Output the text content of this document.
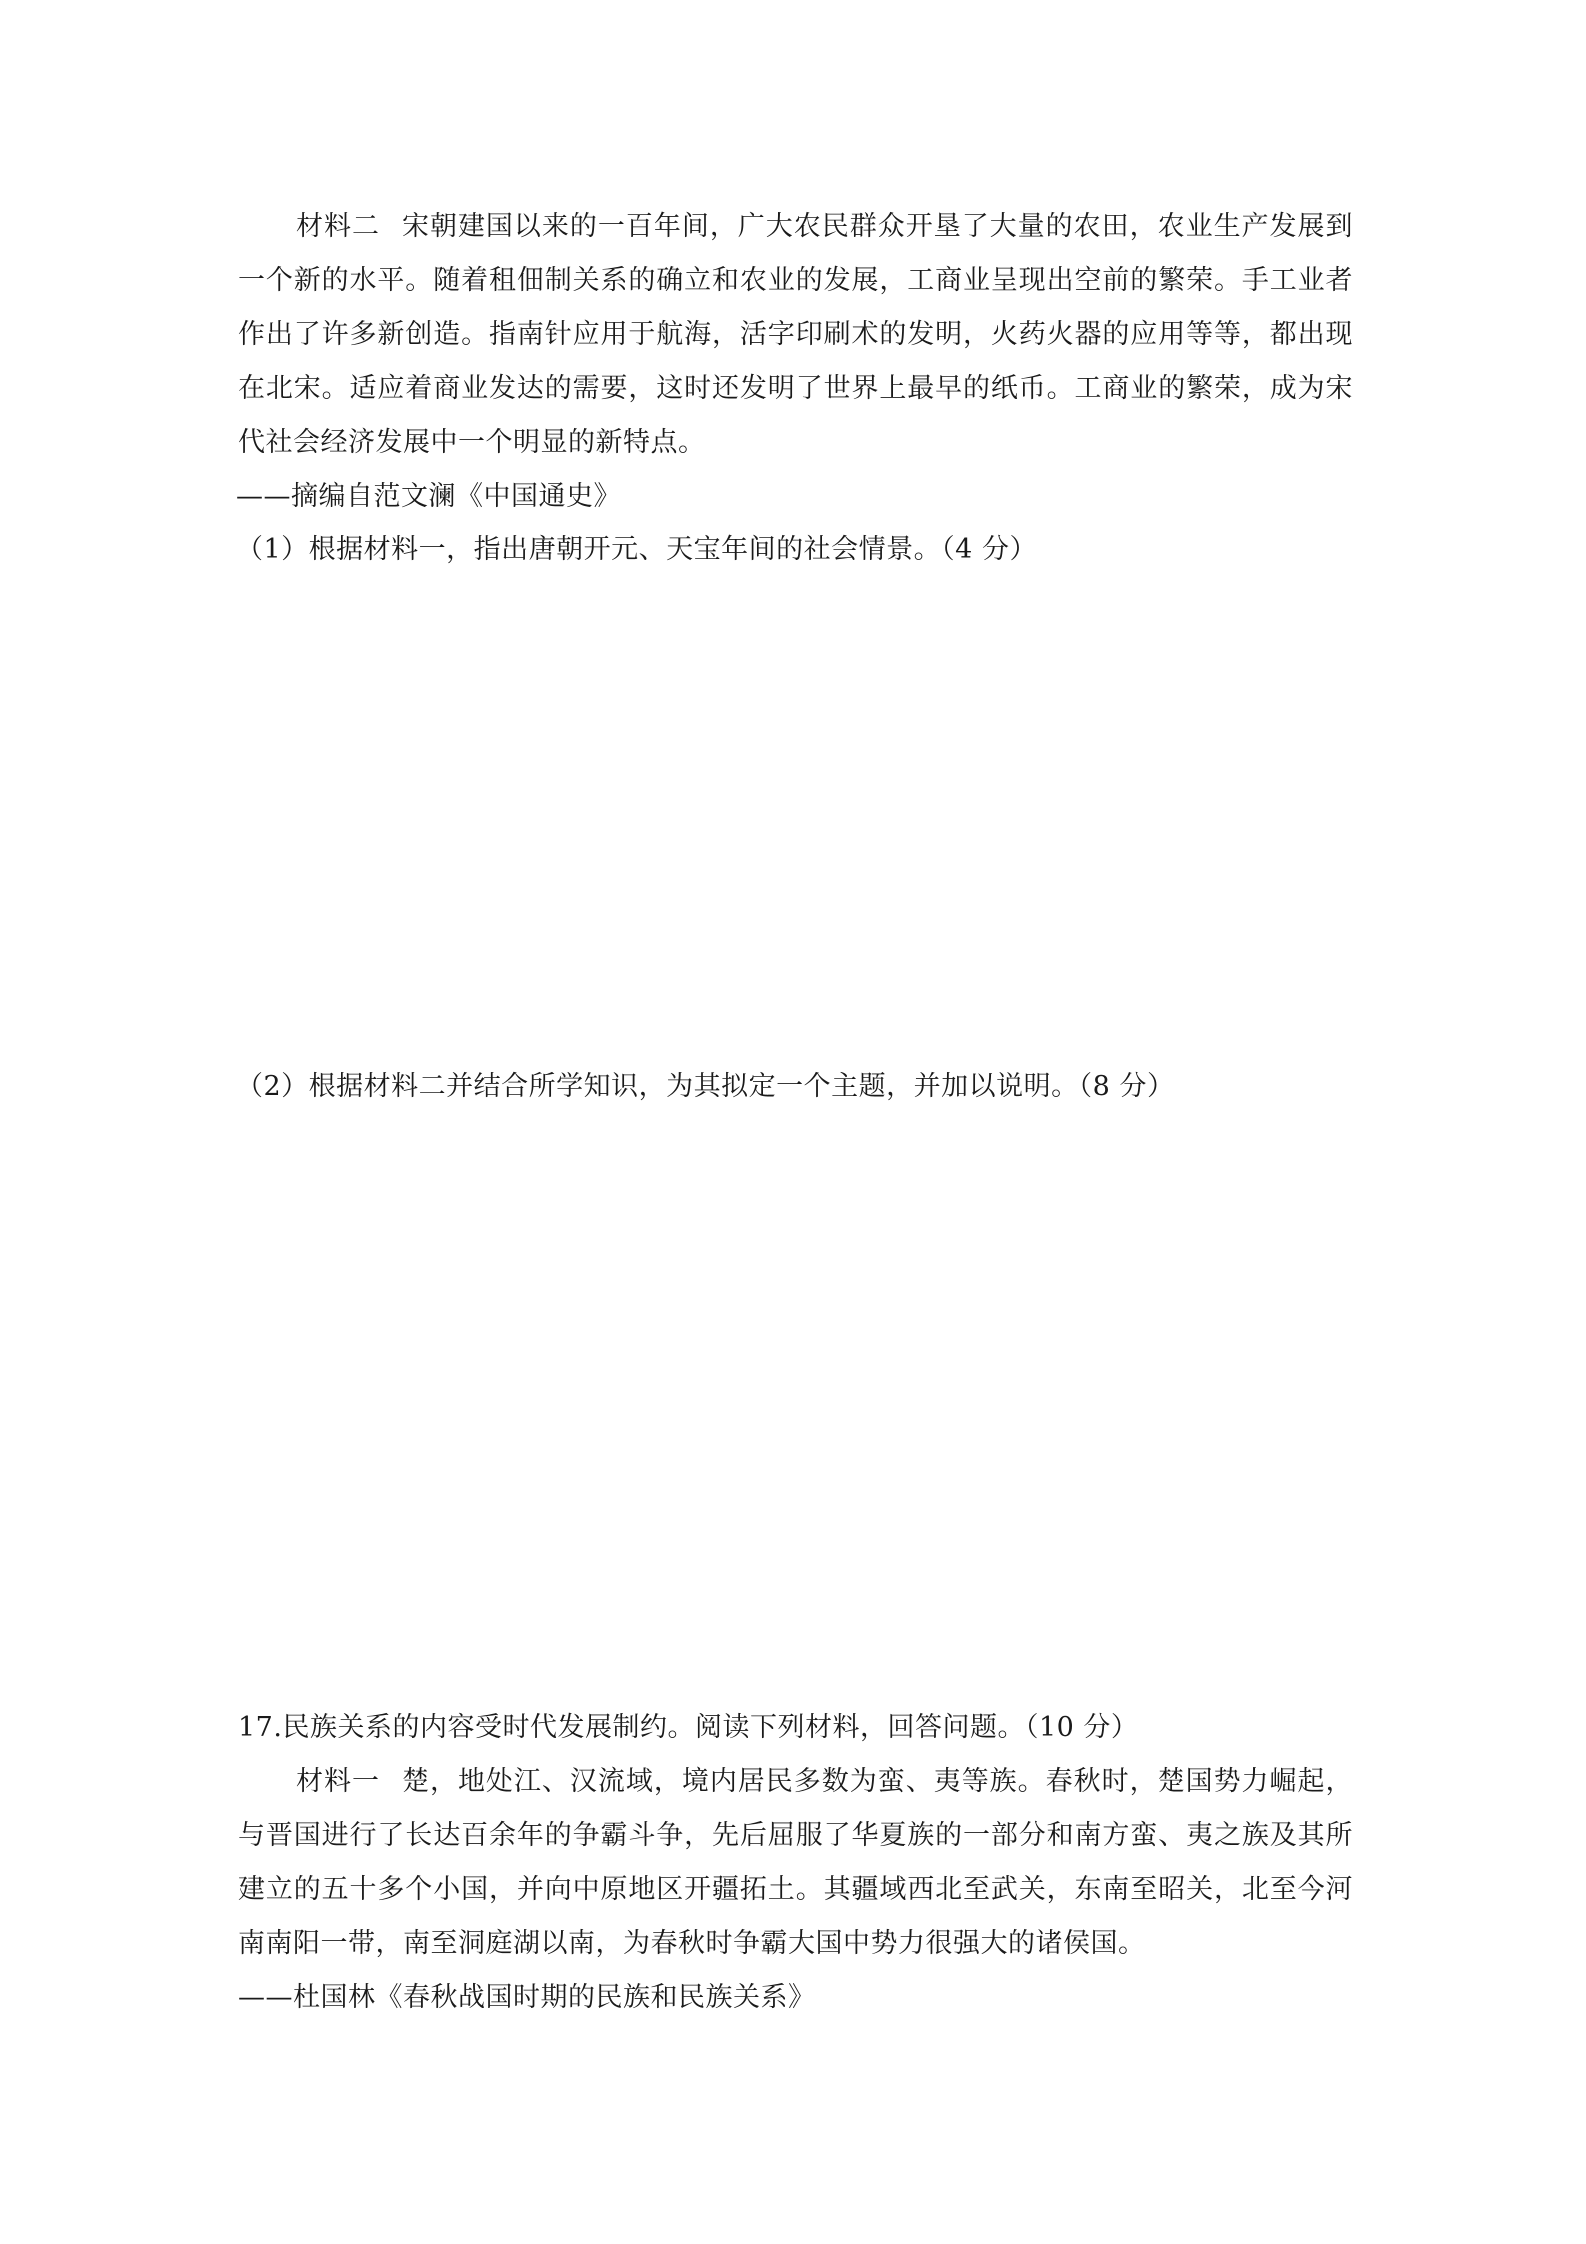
材料二 宋朝建国以来的一百年间，广大农民群众开垦了大量的农田，农业生产发展到一个新的水平。随着租佃制关系的确立和农业的发展，工商业呈现出空前的繁荣。手工业者作出了许多新创造。指南针应用于航海，活字印刷术的发明，火药火器的应用等等，都出现在北宋。适应着商业发达的需要，这时还发明了世界上最早的纸币。工商业的繁荣，成为宋代社会经济发展中一个明显的新特点。

——摘编自范文澜《中国通史》

（1）根据材料一，指出唐朝开元、天宝年间的社会情景。（4 分）

（2）根据材料二并结合所学知识，为其拟定一个主题，并加以说明。（8 分）

17.民族关系的内容受时代发展制约。阅读下列材料，回答问题。（10 分）

材料一 楚，地处江、汉流域，境内居民多数为蛮、夷等族。春秋时，楚国势力崛起，与晋国进行了长达百余年的争霸斗争，先后屈服了华夏族的一部分和南方蛮、夷之族及其所建立的五十多个小国，并向中原地区开疆拓土。其疆域西北至武关，东南至昭关，北至今河南南阳一带，南至洞庭湖以南，为春秋时争霸大国中势力很强大的诸侯国。

——杜国林《春秋战国时期的民族和民族关系》
